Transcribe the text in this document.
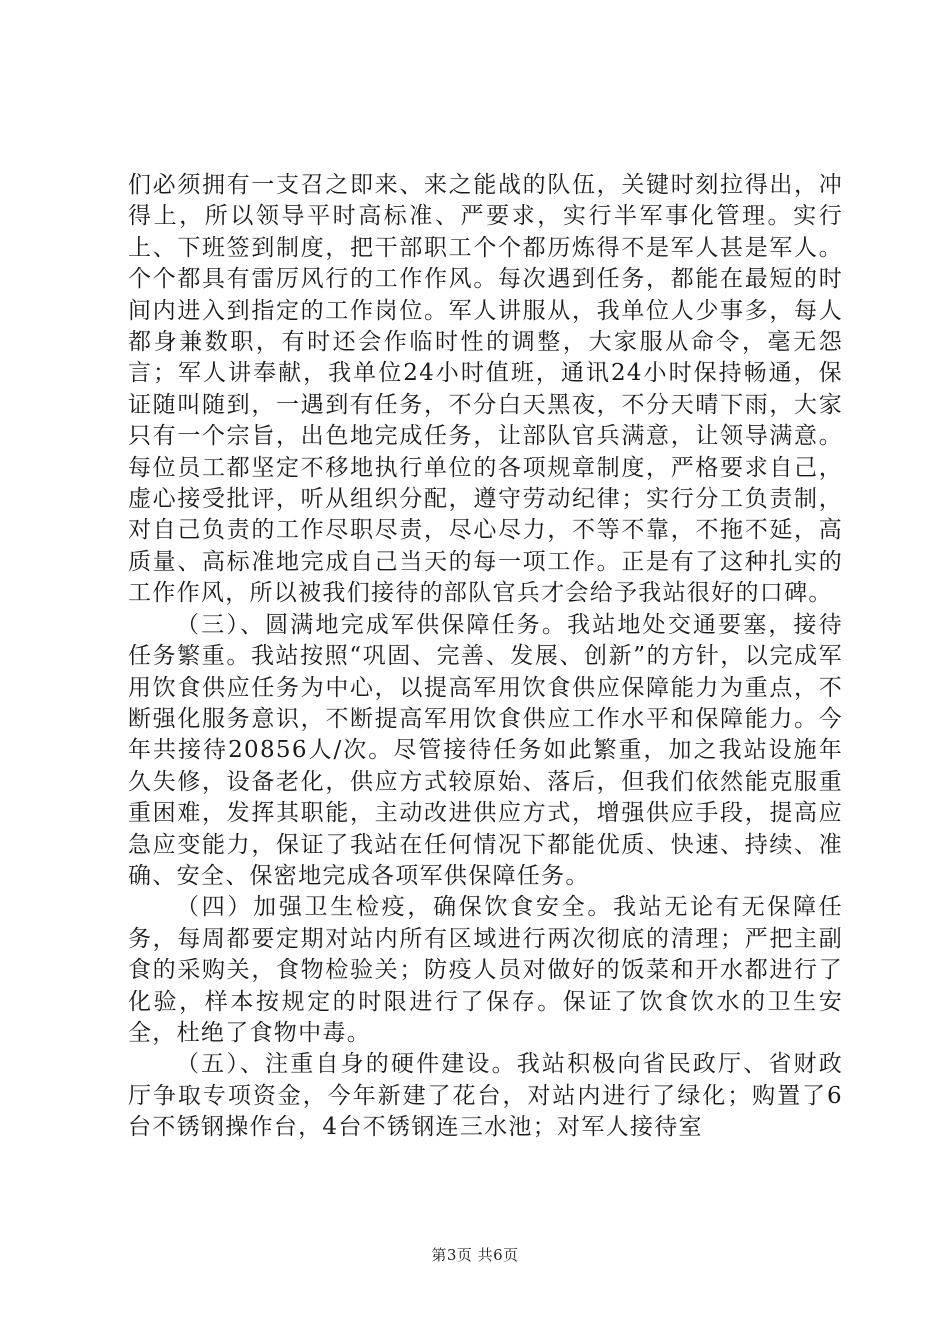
们必须拥有一支召之即来、来之能战的队伍，关键时刻拉得出，冲得上，所以领导平时高标准、严要求，实行半军事化管理。实行上、下班签到制度，把干部职工个个都历炼得不是军人甚是军人。个个都具有雷厉风行的工作作风。每次遇到任务，都能在最短的时间内进入到指定的工作岗位。军人讲服从，我单位人少事多，每人都身兼数职，有时还会作临时性的调整，大家服从命令，毫无怨言；军人讲奉献，我单位24小时值班，通讯24小时保持畅通，保证随叫随到，一遇到有任务，不分白天黑夜，不分天晴下雨，大家只有一个宗旨，出色地完成任务，让部队官兵满意，让领导满意。每位员工都坚定不移地执行单位的各项规章制度，严格要求自己，虚心接受批评，听从组织分配，遵守劳动纪律；实行分工负责制，对自己负责的工作尽职尽责，尽心尽力，不等不靠，不拖不延，高质量、高标准地完成自己当天的每一项工作。正是有了这种扎实的工作作风，所以被我们接待的部队官兵才会给予我站很好的口碑。

（三）、圆满地完成军供保障任务。我站地处交通要塞，接待任务繁重。我站按照“巩固、完善、发展、创新”的方针，以完成军用饮食供应任务为中心，以提高军用饮食供应保障能力为重点，不断强化服务意识，不断提高军用饮食供应工作水平和保障能力。今年共接待20856人/次。尽管接待任务如此繁重，加之我站设施年久失修，设备老化，供应方式较原始、落后，但我们依然能克服重重困难，发挥其职能，主动改进供应方式，增强供应手段，提高应急应变能力，保证了我站在任何情况下都能优质、快速、持续、准确、安全、保密地完成各项军供保障任务。

（四）加强卫生检疫，确保饮食安全。我站无论有无保障任务，每周都要定期对站内所有区域进行两次彻底的清理；严把主副食的采购关，食物检验关；防疫人员对做好的饭菜和开水都进行了化验，样本按规定的时限进行了保存。保证了饮食饮水的卫生安全，杜绝了食物中毒。

（五）、注重自身的硬件建设。我站积极向省民政厅、省财政厅争取专项资金，今年新建了花台，对站内进行了绿化；购置了6台不锈钢操作台，4台不锈钢连三水池；对军人接待室

第3页 共6页
